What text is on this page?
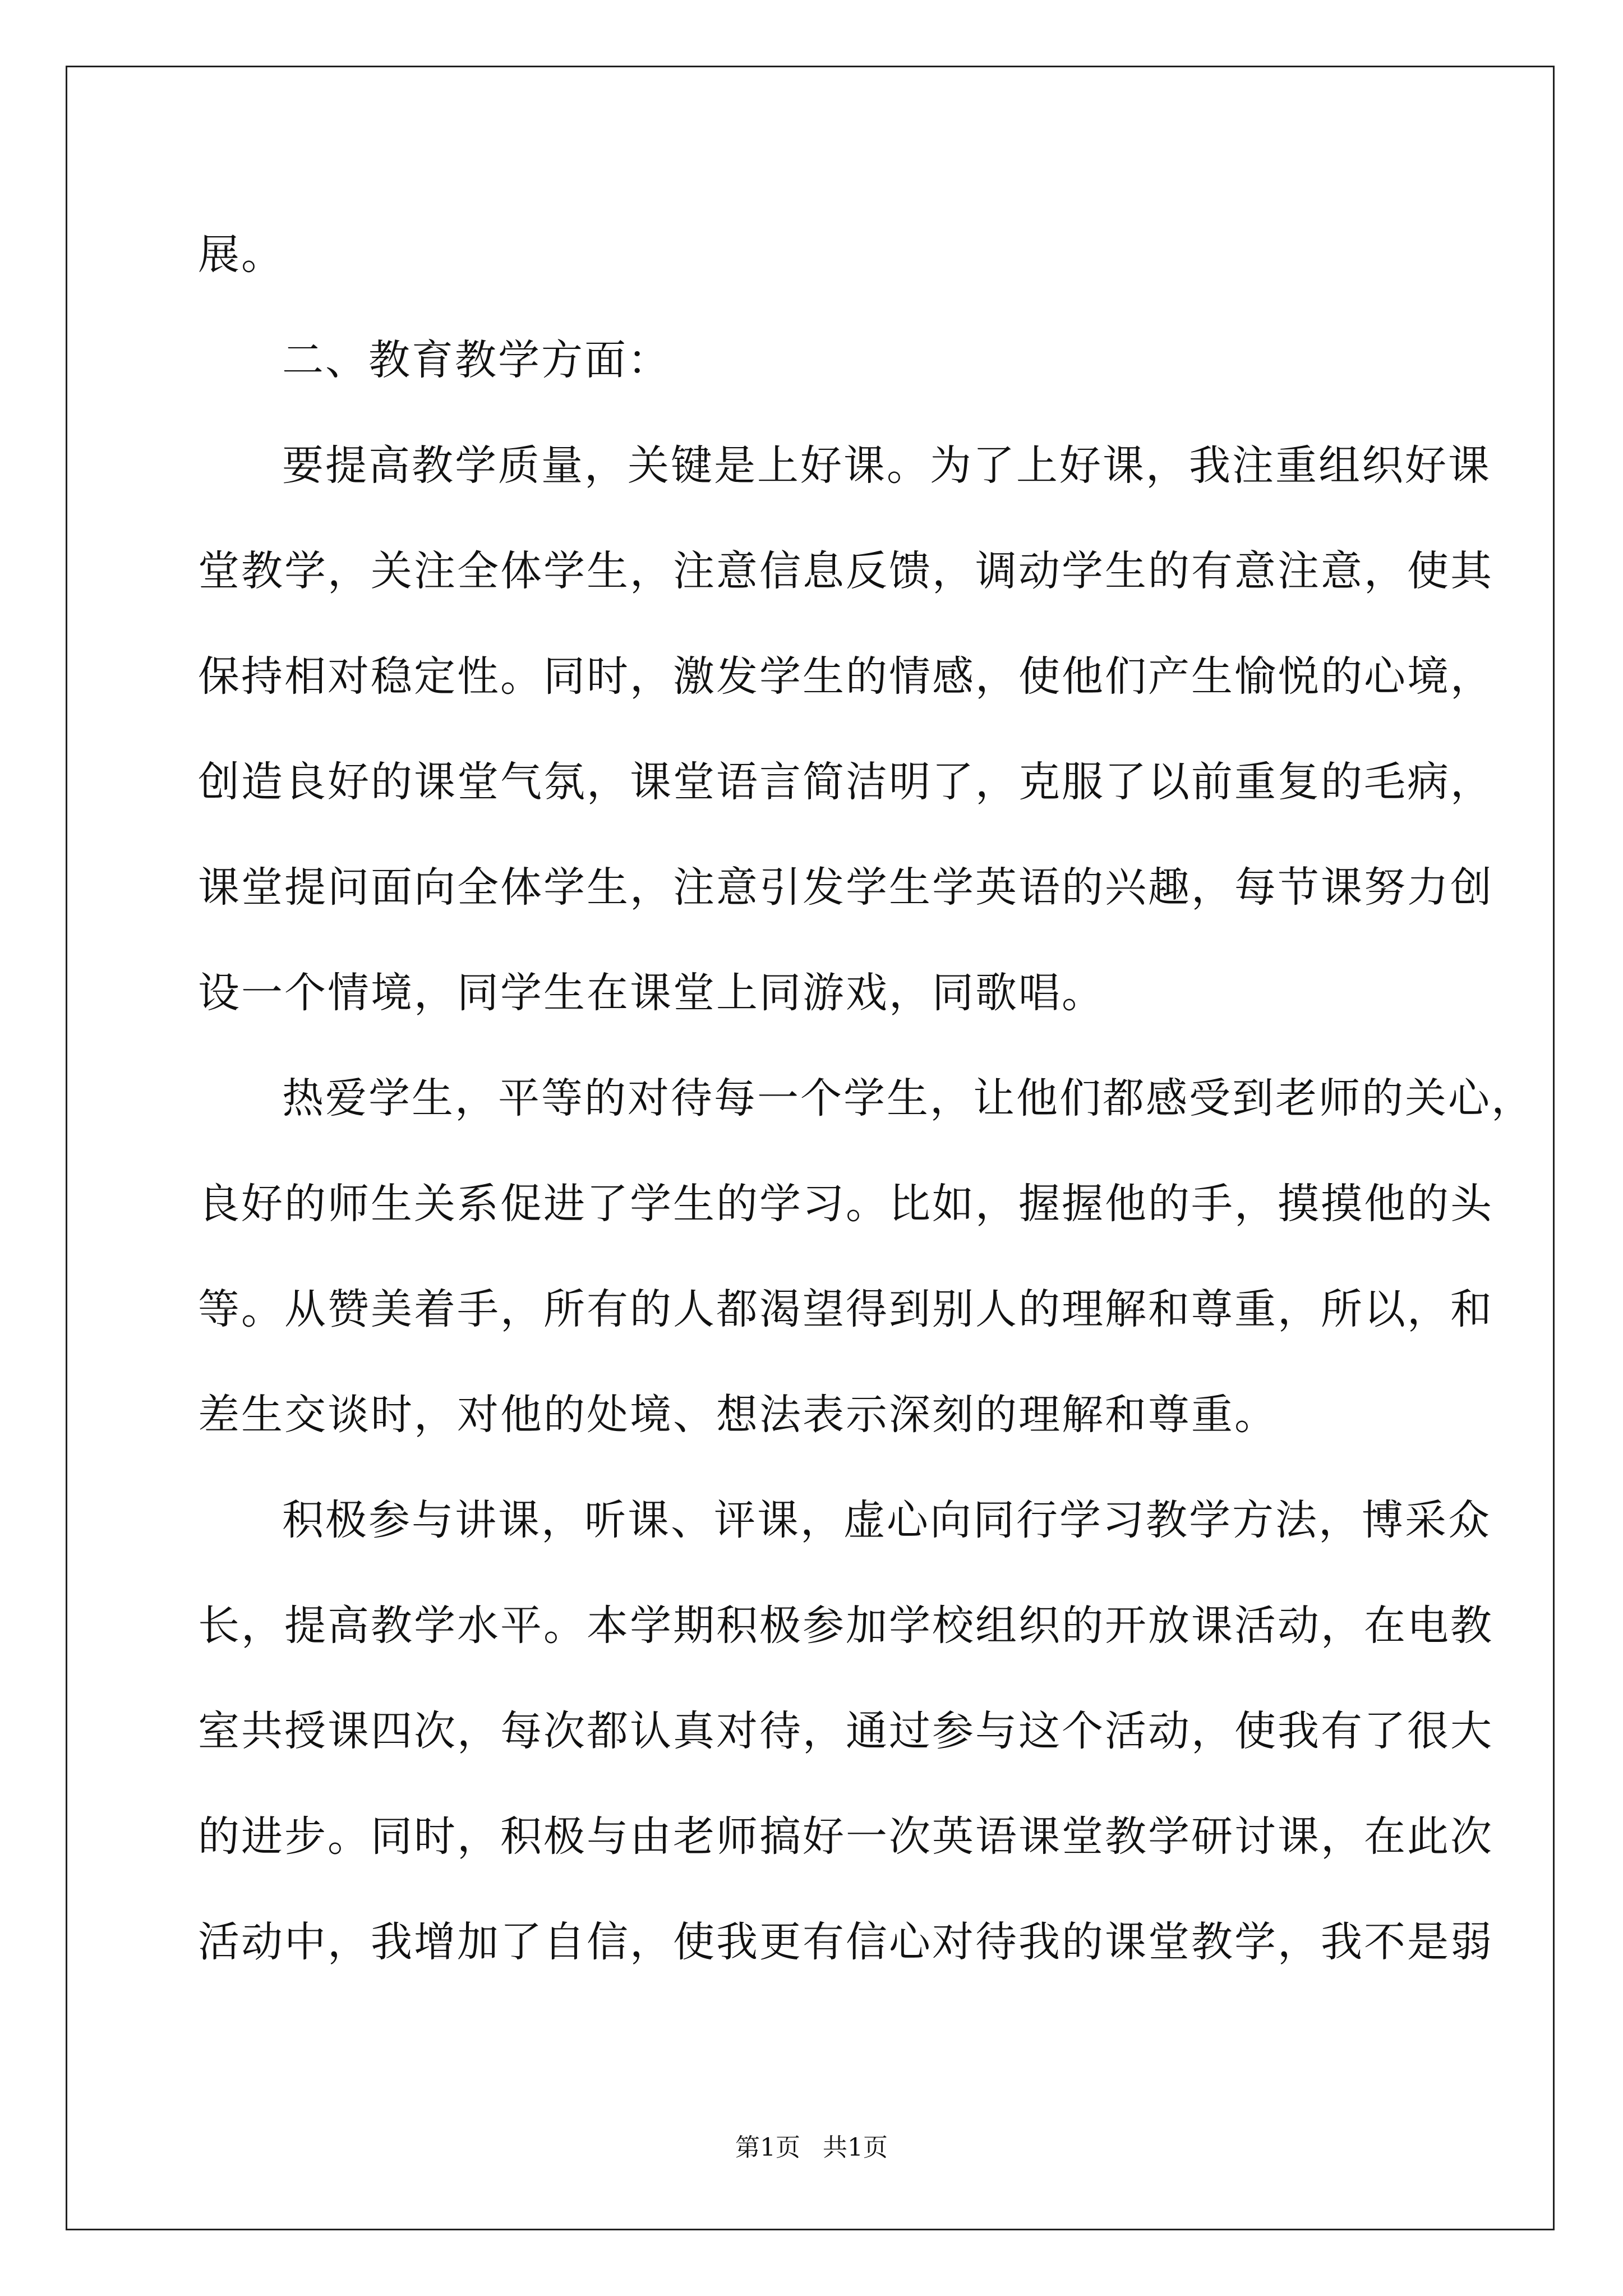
展。
二、教育教学方面：
要提高教学质量，关键是上好课。为了上好课，我注重组织好课
堂教学，关注全体学生，注意信息反馈，调动学生的有意注意，使其
保持相对稳定性。同时，激发学生的情感，使他们产生愉悦的心境，
创造良好的课堂气氛，课堂语言简洁明了，克服了以前重复的毛病，
课堂提问面向全体学生，注意引发学生学英语的兴趣，每节课努力创
设一个情境，同学生在课堂上同游戏，同歌唱。
热爱学生，平等的对待每一个学生，让他们都感受到老师的关心，
良好的师生关系促进了学生的学习。比如，握握他的手，摸摸他的头
等。从赞美着手，所有的人都渴望得到别人的理解和尊重，所以，和
差生交谈时，对他的处境、想法表示深刻的理解和尊重。
积极参与讲课，听课、评课，虚心向同行学习教学方法，博采众
长，提高教学水平。本学期积极参加学校组织的开放课活动，在电教
室共授课四次，每次都认真对待，通过参与这个活动，使我有了很大
的进步。同时，积极与由老师搞好一次英语课堂教学研讨课，在此次
活动中，我增加了自信，使我更有信心对待我的课堂教学，我不是弱
第1页 共1页
